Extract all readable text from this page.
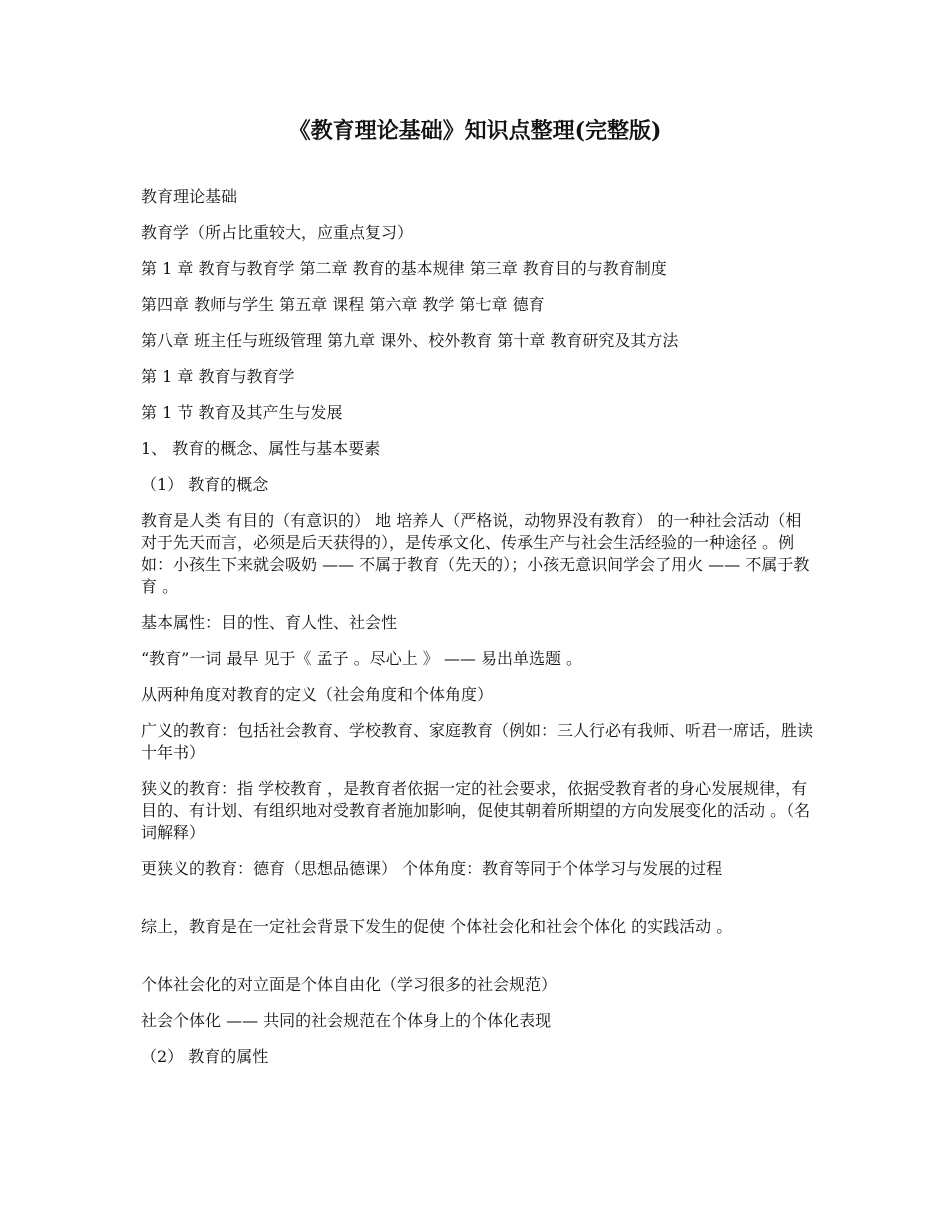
《教育理论基础》知识点整理(完整版)
教育理论基础
教育学（所占比重较大，应重点复习）
第 1 章 教育与教育学 第二章 教育的基本规律 第三章 教育目的与教育制度
第四章 教师与学生 第五章 课程 第六章 教学 第七章 德育
第八章 班主任与班级管理 第九章 课外、校外教育 第十章 教育研究及其方法
第 1 章 教育与教育学
第 1 节 教育及其产生与发展
1、 教育的概念、属性与基本要素
（1） 教育的概念
教育是人类 有目的（有意识的） 地 培养人（严格说，动物界没有教育） 的一种社会活动（相对于先天而言，必须是后天获得的），是传承文化、传承生产与社会生活经验的一种途径 。例如：小孩生下来就会吸奶 —— 不属于教育（先天的）；小孩无意识间学会了用火 —— 不属于教育 。
基本属性：目的性、育人性、社会性
“教育”一词 最早 见于《 孟子 。尽心上 》 —— 易出单选题 。
从两种角度对教育的定义（社会角度和个体角度）
广义的教育：包括社会教育、学校教育、家庭教育（例如：三人行必有我师、听君一席话，胜读十年书）
狭义的教育：指 学校教育 ，是教育者依据一定的社会要求，依据受教育者的身心发展规律，有目的、有计划、有组织地对受教育者施加影响，促使其朝着所期望的方向发展变化的活动 。（名词解释）
更狭义的教育：德育（思想品德课） 个体角度：教育等同于个体学习与发展的过程
综上，教育是在一定社会背景下发生的促使 个体社会化和社会个体化 的实践活动 。
个体社会化的对立面是个体自由化（学习很多的社会规范）
社会个体化 —— 共同的社会规范在个体身上的个体化表现
（2） 教育的属性
